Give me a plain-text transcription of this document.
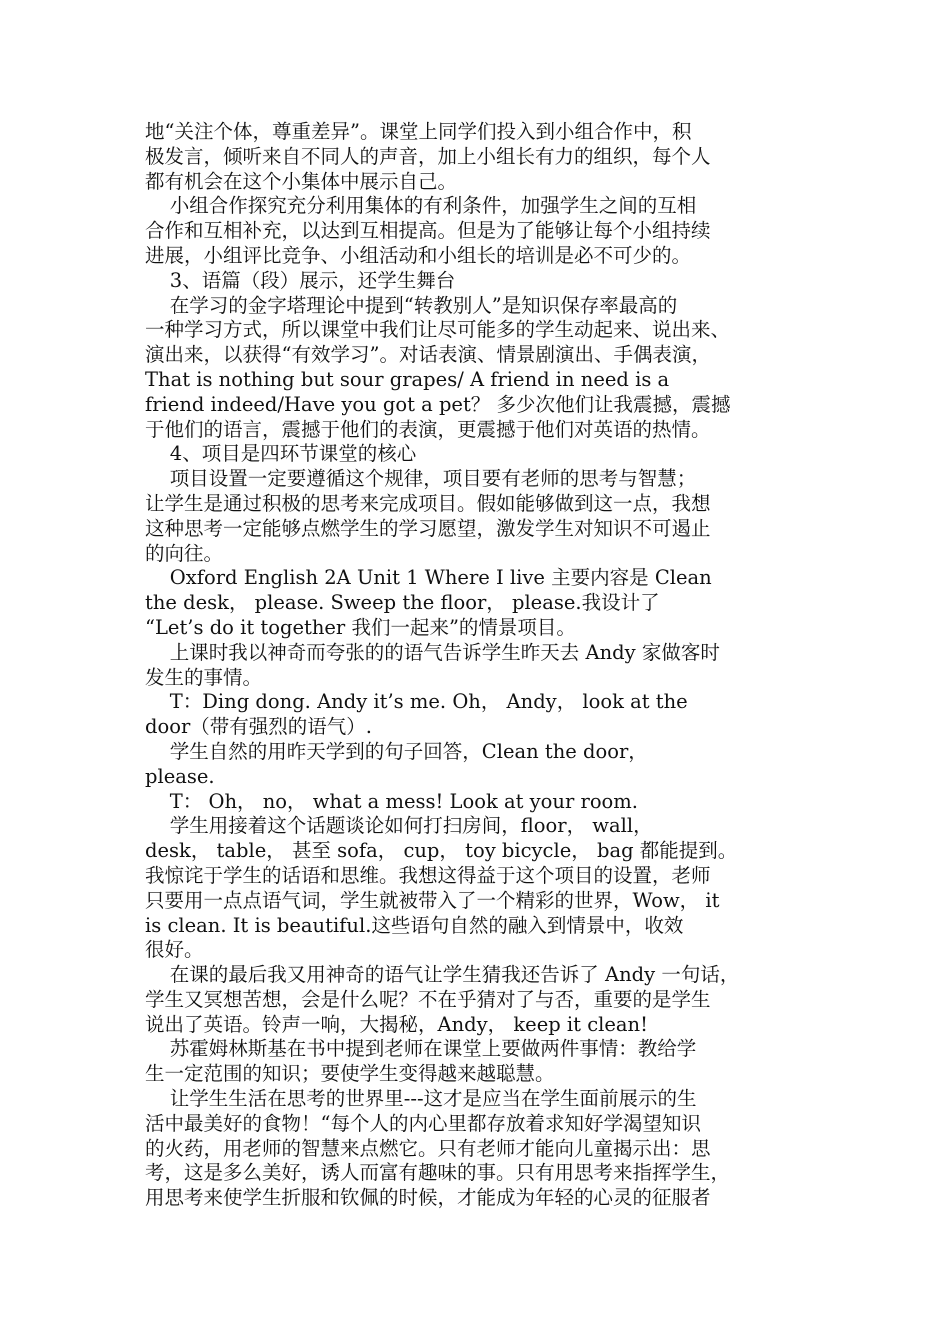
地“关注个体，尊重差异”。课堂上同学们投入到小组合作中，积
极发言，倾听来自不同人的声音，加上小组长有力的组织，每个人
都有机会在这个小集体中展示自己。
小组合作探究充分利用集体的有利条件，加强学生之间的互相
合作和互相补充，以达到互相提高。但是为了能够让每个小组持续
进展，小组评比竞争、小组活动和小组长的培训是必不可少的。
3、语篇（段）展示，还学生舞台
在学习的金字塔理论中提到“转教别人”是知识保存率最高的
一种学习方式，所以课堂中我们让尽可能多的学生动起来、说出来、
演出来，以获得“有效学习”。对话表演、情景剧演出、手偶表演，
That is nothing but sour grapes/ A friend in need is a
friend indeed/Have you got a pet？ 多少次他们让我震撼，震撼
于他们的语言，震撼于他们的表演，更震撼于他们对英语的热情。
4、项目是四环节课堂的核心
项目设置一定要遵循这个规律，项目要有老师的思考与智慧；
让学生是通过积极的思考来完成项目。假如能够做到这一点，我想
这种思考一定能够点燃学生的学习愿望，激发学生对知识不可遏止
的向往。
Oxford English 2A Unit 1 Where I live 主要内容是 Clean
the desk， please. Sweep the floor， please.我设计了
“Let’s do it together 我们一起来”的情景项目。
上课时我以神奇而夸张的的语气告诉学生昨天去 Andy 家做客时
发生的事情。
T：Ding dong. Andy it’s me. Oh， Andy， look at the
door（带有强烈的语气）.
学生自然的用昨天学到的句子回答，Clean the door，
please.
T： Oh， no， what a mess! Look at your room.
学生用接着这个话题谈论如何打扫房间，floor， wall，
desk， table， 甚至 sofa， cup， toy bicycle， bag 都能提到。
我惊诧于学生的话语和思维。我想这得益于这个项目的设置，老师
只要用一点点语气词，学生就被带入了一个精彩的世界，Wow， it
is clean. It is beautiful.这些语句自然的融入到情景中，收效
很好。
在课的最后我又用神奇的语气让学生猜我还告诉了 Andy 一句话，
学生又冥想苦想，会是什么呢？不在乎猜对了与否，重要的是学生
说出了英语。铃声一响，大揭秘，Andy， keep it clean!
苏霍姆林斯基在书中提到老师在课堂上要做两件事情：教给学
生一定范围的知识；要使学生变得越来越聪慧。
让学生生活在思考的世界里---这才是应当在学生面前展示的生
活中最美好的食物！“每个人的内心里都存放着求知好学渴望知识
的火药，用老师的智慧来点燃它。只有老师才能向儿童揭示出：思
考，这是多么美好，诱人而富有趣味的事。只有用思考来指挥学生，
用思考来使学生折服和钦佩的时候，才能成为年轻的心灵的征服者
